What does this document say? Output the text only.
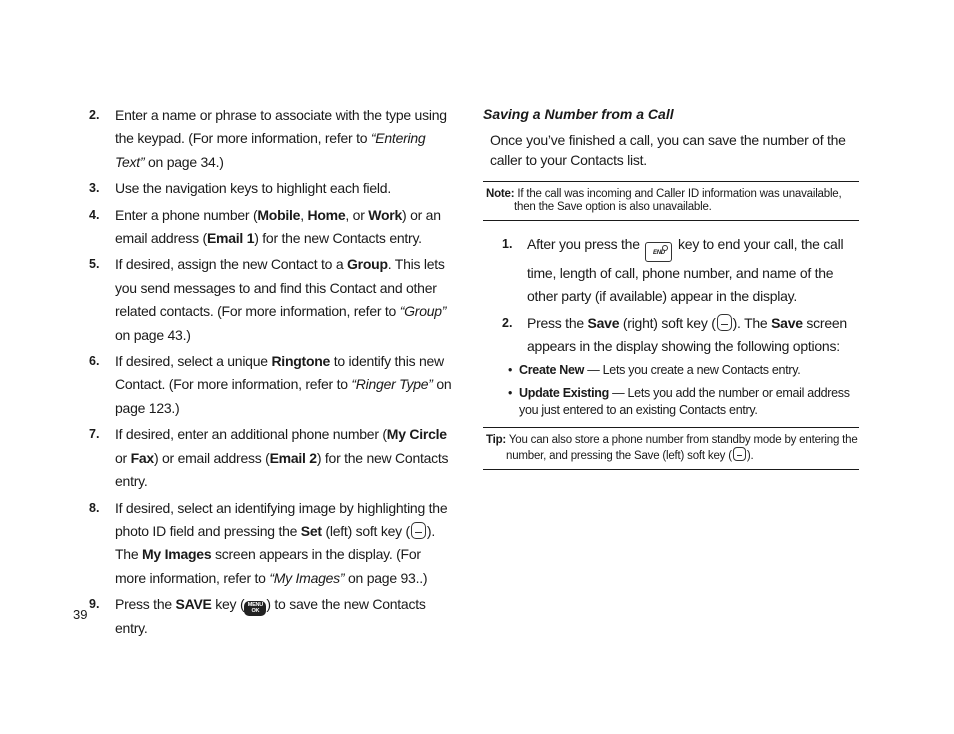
2.	Enter a name or phrase to associate with the type using the keypad. (For more information, refer to “Entering Text” on page 34.)
3.	Use the navigation keys to highlight each field.
4.	Enter a phone number (Mobile, Home, or Work) or an email address (Email 1) for the new Contacts entry.
5.	If desired, assign the new Contact to a Group. This lets you send messages to and find this Contact and other related contacts. (For more information, refer to “Group” on page 43.)
6.	If desired, select a unique Ringtone to identify this new Contact. (For more information, refer to “Ringer Type” on page 123.)
7.	If desired, enter an additional phone number (My Circle or Fax) or email address (Email 2) for the new Contacts entry.
8.	If desired, select an identifying image by highlighting the photo ID field and pressing the Set (left) soft key ( ). The My Images screen appears in the display. (For more information, refer to “My Images” on page 93..)
9.	Press the SAVE key ( MENU
OK ) to save the new Contacts entry.
39
Saving a Number from a Call
Once you’ve finished a call, you can save the number of the caller to your Contacts list.
Note: If the call was incoming and Caller ID information was unavailable,
then the Save option is also unavailable.
1.	After you press the END key to end your call, the call time, length of call, phone number, and name of the other party (if available) appear in the display.
2.	Press the Save (right) soft key ( ). The Save screen appears in the display showing the following options:
• Create New — Lets you create a new Contacts entry.
• Update Existing — Lets you add the number or email address you just entered to an existing Contacts entry.
Tip: You can also store a phone number from standby mode by entering the
number, and pressing the Save (left) soft key ( ).
